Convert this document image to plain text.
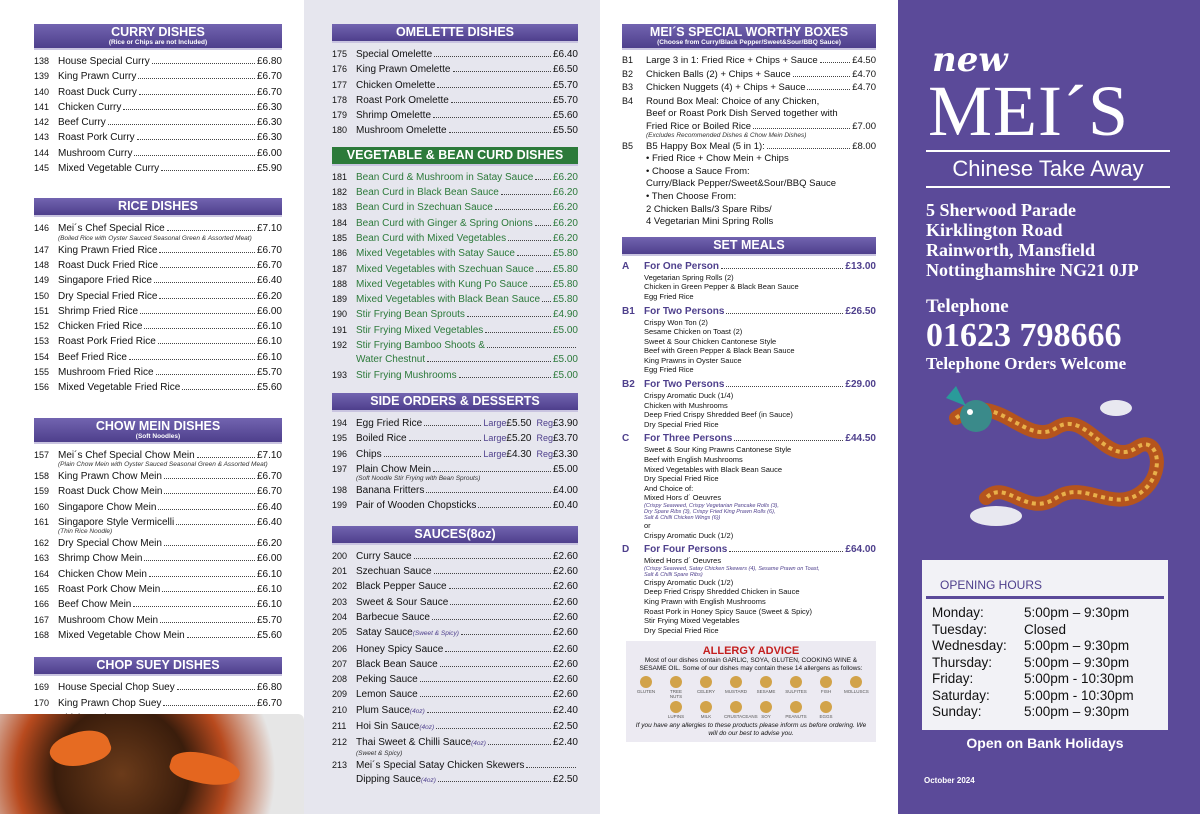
CURRY DISHES
(Rice or Chips are not Included)
138 House Special Curry	£6.80
139 King Prawn Curry	£6.70
140 Roast Duck Curry	£6.70
141 Chicken Curry	£6.30
142 Beef Curry	£6.30
143 Roast Pork Curry	£6.30
144 Mushroom Curry	£6.00
145 Mixed Vegetable Curry	£5.90
RICE DISHES
146 Mei´s Chef Special Rice	£7.10
(Boiled Rice with Oyster Sauced Seasonal Green & Assorted Meat)
147 King Prawn Fried Rice	£6.70
148 Roast Duck Fried Rice	£6.70
149 Singapore Fried Rice	£6.40
150 Dry Special Fried Rice	£6.20
151 Shrimp Fried Rice	£6.00
152 Chicken Fried Rice	£6.10
153 Roast Pork Fried Rice	£6.10
154 Beef Fried Rice	£6.10
155 Mushroom Fried Rice	£5.70
156 Mixed Vegetable Fried Rice	£5.60
CHOW MEIN DISHES
(Soft Noodles)
157 Mei´s Chef Special Chow Mein	£7.10
(Plain Chow Mein with Oyster Sauced Seasonal Green & Assorted Meat)
158 King Prawn Chow Mein	£6.70
159 Roast Duck Chow Mein	£6.70
160 Singapore Chow Mein	£6.40
161 Singapore Style Vermicelli	£6.40
(Thin Rice Noodle)
162 Dry Special Chow Mein	£6.20
163 Shrimp Chow Mein	£6.00
164 Chicken Chow Mein	£6.10
165 Roast Pork Chow Mein	£6.10
166 Beef Chow Mein	£6.10
167 Mushroom Chow Mein	£5.70
168 Mixed Vegetable Chow Mein	£5.60
CHOP SUEY DISHES
169 House Special Chop Suey	£6.80
170 King Prawn Chop Suey	£6.70
OMELETTE DISHES
175 Special Omelette	£6.40
176 King Prawn Omelette	£6.50
177 Chicken Omelette	£5.70
178 Roast Pork Omelette	£5.70
179 Shrimp Omelette	£5.60
180 Mushroom Omelette	£5.50
VEGETABLE & BEAN CURD DISHES
181 Bean Curd & Mushroom in Satay Sauce £6.20
182 Bean Curd in Black Bean Sauce	£6.20
183 Bean Curd in Szechuan Sauce	£6.20
184 Bean Curd with Ginger & Spring Onions £6.20
185 Bean Curd with Mixed Vegetables	£6.20
186 Mixed Vegetables with Satay Sauce	£5.80
187 Mixed Vegetables with Szechuan Sauce £5.80
188 Mixed Vegetables with Kung Po Sauce	£5.80
189 Mixed Vegetables with Black Bean Sauce £5.80
190 Stir Frying Bean Sprouts	£4.90
191 Stir Frying Mixed Vegetables	£5.00
192 Stir Frying Bamboo Shoots &
Water Chestnut	£5.00
193 Stir Frying Mushrooms	£5.00
SIDE ORDERS & DESSERTS
194 Egg Fried Rice	Large £5.50 Reg £3.90
195 Boiled Rice	Large £5.20 Reg £3.70
196 Chips	Large £4.30 Reg £3.30
197 Plain Chow Mein	£5.00
(Soft Noodle Stir Frying with Bean Sprouts)
198 Banana Fritters	£4.00
199 Pair of Wooden Chopsticks	£0.40
SAUCES(8oz)
200 Curry Sauce	£2.60
201 Szechuan Sauce	£2.60
202 Black Pepper Sauce	£2.60
203 Sweet & Sour Sauce	£2.60
204 Barbecue Sauce	£2.60
205 Satay Sauce (Sweet & Spicy)	£2.60
206 Honey Spicy Sauce	£2.60
207 Black Bean Sauce	£2.60
208 Peking Sauce	£2.60
209 Lemon Sauce	£2.60
210 Plum Sauce (4oz)	£2.40
211 Hoi Sin Sauce (4oz)	£2.50
212 Thai Sweet & Chilli Sauce (4oz)	£2.40
(Sweet & Spicy)
213 Mei´s Special Satay Chicken Skewers
Dipping Sauce (4oz)	£2.50
MEI´S SPECIAL WORTHY BOXES
(Choose from Curry/Black Pepper/Sweet&Sour/BBQ Sauce)
B1	Large 3 in 1: Fried Rice + Chips + Sauce	£4.50
B2	Chicken Balls (2) + Chips + Sauce	£4.70
B3	Chicken Nuggets (4) + Chips + Sauce	£4.70
B4	Round Box Meal: Choice of any Chicken,
Beef or Roast Pork Dish Served together with
Fried Rice or Boiled Rice	£7.00
(Excludes Recommended Dishes & Chow Mein Dishes)
B5	B5 Happy Box Meal (5 in 1):	£8.00
• Fried Rice + Chow Mein + Chips
• Choose a Sauce From:
Curry/Black Pepper/Sweet&Sour/BBQ Sauce
• Then Choose From:
2 Chicken Balls/3 Spare Ribs/
4 Vegetarian Mini Spring Rolls
SET MEALS
A	For One Person	£13.00
Vegetarian Spring Rolls (2)
Chicken in Green Pepper & Black Bean Sauce
Egg Fried Rice
B1 For Two Persons	£26.50
Crispy Won Ton (2)
Sesame Chicken on Toast (2)
Sweet & Sour Chicken Cantonese Style
Beef with Green Pepper & Black Bean Sauce
King Prawns in Oyster Sauce
Egg Fried Rice
B2 For Two Persons	£29.00
Crispy Aromatic Duck (1/4)
Chicken with Mushrooms
Deep Fried Crispy Shredded Beef (in Sauce)
Dry Special Fried Rice
C	For Three Persons	£44.50
Sweet & Sour King Prawns Cantonese Style
Beef with English Mushrooms
Mixed Vegetables with Black Bean Sauce
Dry Special Fried Rice
And Choice of:
Mixed Hors d´ Oeuvres
(Crispy Seaweed, Crispy Vegetarian Pancake Rolls (3),
Dry Spare Ribs (3), Crispy Fried King Prawn Rolls (6),
Salt & Chilli Chicken Wings (6))
or
Crispy Aromatic Duck (1/2)
D	For Four Persons	£64.00
Mixed Hors d´ Oeuvres
(Crispy Seaweed, Satay Chicken Skewers (4), Sesame Prawn on Toast,
Salt & Chilli Spare Ribs)
Crispy Aromatic Duck (1/2)
Deep Fried Crispy Shredded Chicken in Sauce
King Prawn with English Mushrooms
Roast Pork in Honey Spicy Sauce (Sweet & Spicy)
Stir Frying Mixed Vegetables
Dry Special Fried Rice
ALLERGY ADVICE

Most of our dishes contain GARLIC, SOYA, GLUTEN, COOKING WINE & SESAME OIL. Some of our dishes may contain these 14 allergens as follows:

GLUTEN	TREE NUTS
CELERY	MUSTARD	SESAME	SULFITES	FISH	MOLLUSCS
LUPINS	MILK	CRUSTACEANS SOY	PEANUTS	EGGS

If you have any allergies to these products please inform us before ordering. We will do our best to advise you.

new
MEI´S
Chinese Take Away
5 Sherwood Parade
Kirklington Road
Rainworth, Mansfield
Nottinghamshire NG21 0JP
Telephone
01623 798666
Telephone Orders Welcome
OPENING HOURS
Monday:	5:00pm – 9:30pm
Tuesday:	Closed
Wednesday:	5:00pm – 9:30pm
Thursday:	5:00pm – 9:30pm
Friday:	5:00pm - 10:30pm
Saturday:	5:00pm - 10:30pm
Sunday:	5:00pm – 9:30pm
Open on Bank Holidays
October 2024
